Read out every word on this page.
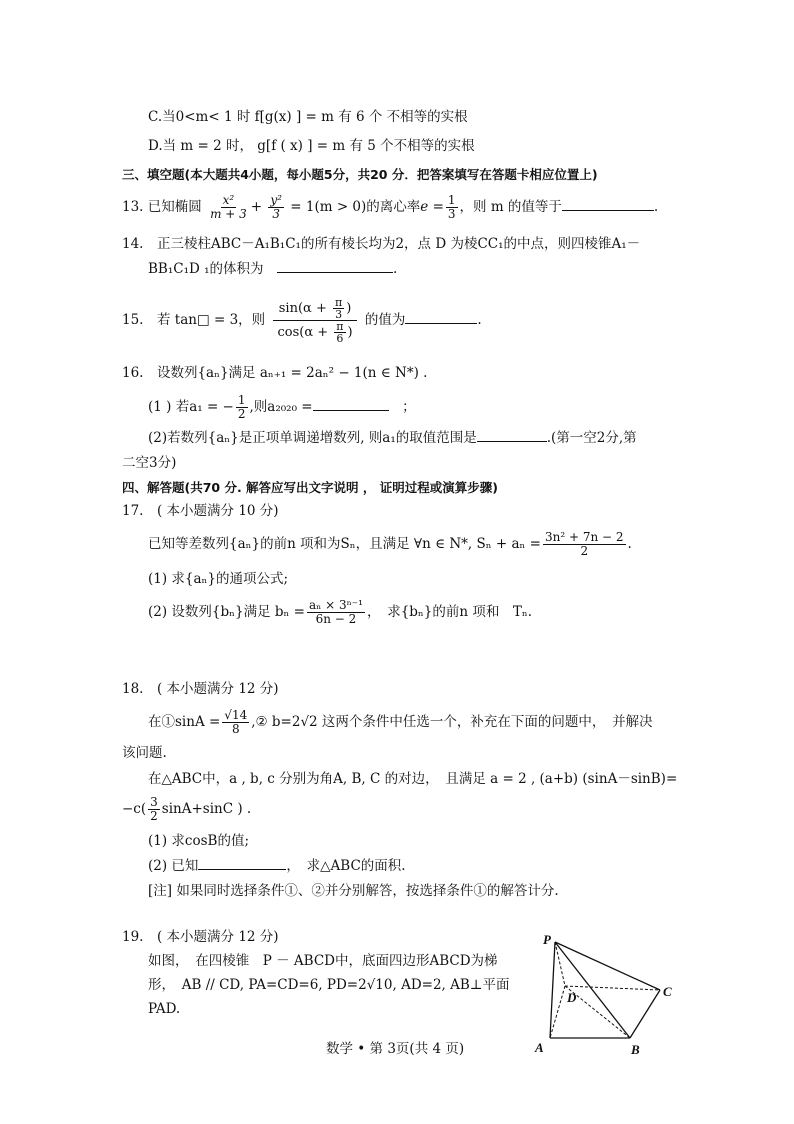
C.当0<m< 1 时 f[g(x) ] = m 有 6 个 不相等的实根
D.当 m = 2 时， g[f ( x) ] = m 有 5 个不相等的实根
三、填空题(本大题共4小题，每小题5分，共20 分．把答案填写在答题卡相应位置上)
13. 已知椭圆 $\frac{\text{x²}}{m + 3} + \frac{\text{y²}}{3} = 1(m > 0)$的离心率$e = \frac{1}{3}$ ，则 m 的值等于	.
14.　正三棱柱ABC－A₁B₁C₁的所有棱长均为2，点 D 为棱CC₁的中点，则四棱锥A₁－
BB₁C₁D ₁的体积为　	.
15.　 若 tan□ = 3，则 $\frac{\sin(\alpha + \frac{\pi}{3} )}{\cos(\alpha + \frac{\pi}{6} )}$ 的值为	.
16.　设数列{aₙ}满足 aₙ₊₁ = 2aₙ² − 1(n ∈ N*) .
(1 ) 若a₁ = − $\frac{1}{2}$ ,则a₂₀₂₀ =　	；
(2)若数列{aₙ}是正项单调递增数列, 则a₁的取值范围是	.(第一空2分,第
二空3分)
四、解答题(共70 分. 解答应写出文字说明 ， 证明过程或演算步骤)
17.　( 本小题满分 10 分)
已知等差数列{aₙ}的前n 项和为Sₙ，且满足 ∀n ∈ N*, $S_n + a_n = \frac{\text{3n² + 7n − 2}}{2}$ .
(1) 求{aₙ}的通项公式;
(2) 设数列{bₙ}满足 $b_n = \frac{\text{aₙ × 3ⁿ⁻¹}}{6n - 2}$ ，　求{bₙ}的前n 项和　Tₙ.
18.　( 本小题满分 12 分)
在①sinA = $\frac{√14}{8}$ ,② b=2√2 这两个条件中任选一个，补充在下面的问题中，　并解决
该问题.
在△ABC中，a , b, c 分别为角A, B, C 的对边，　且满足 a = 2 , (a+b) (sinA－sinB)=
$-c( \frac{3}{2} \sin A+\sin C$ ) .
(1) 求cosB的值;
(2) 已知	，　求△ABC的面积.
[注] 如果同时选择条件①、②并分别解答，按选择条件①的解答计分.
19.　( 本小题满分 12 分)
如图，　在四棱锥　P － ABCD中，底面四边形ABCD为梯
形，　AB // CD, PA=CD=6, PD=2√10, AD=2, AB⊥平面
PAD.
P
D	C
A	B
数学 • 第 3页(共 4 页)
